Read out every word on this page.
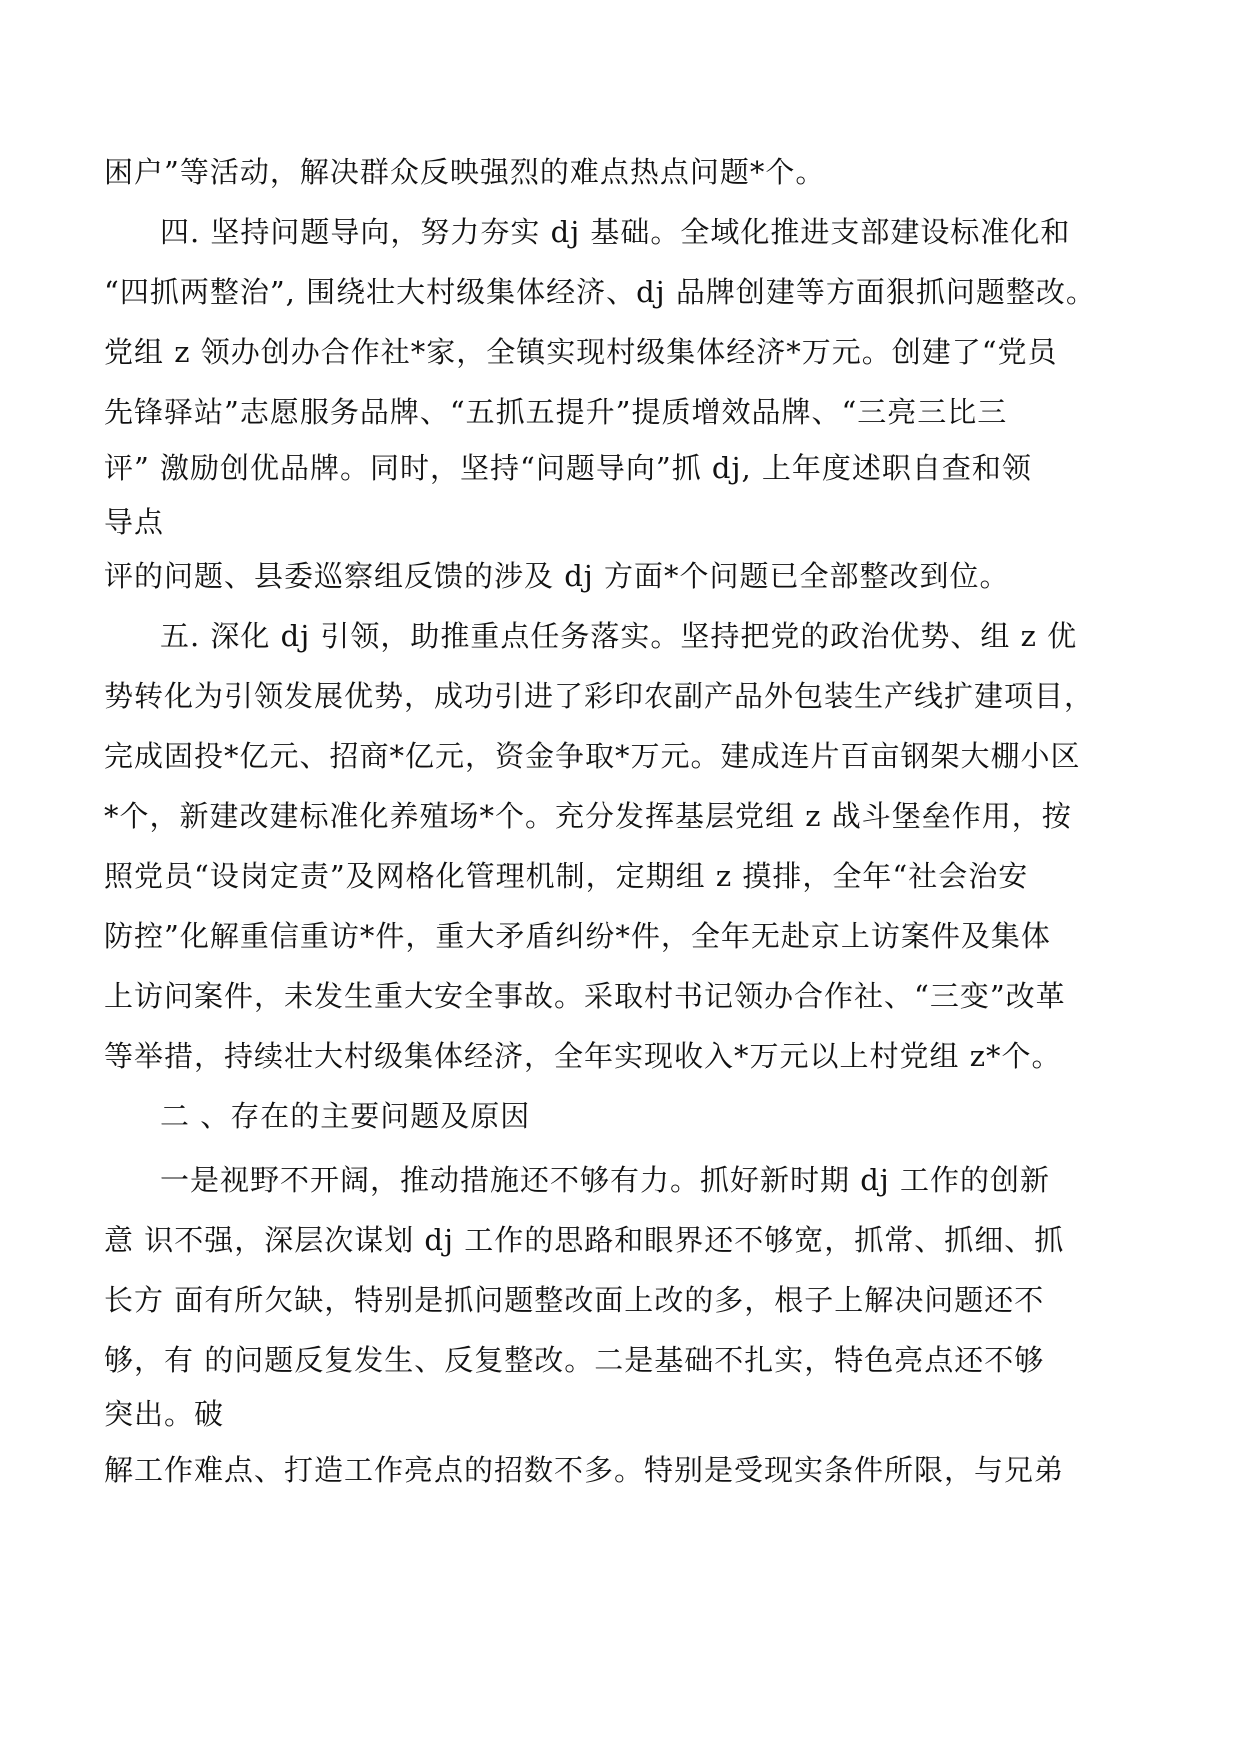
困户”等活动，解决群众反映强烈的难点热点问题*个。
四. 坚持问题导向，努力夯实 dj 基础。全域化推进支部建设标准化和
“四抓两整治”, 围绕壮大村级集体经济、dj 品牌创建等方面狠抓问题整改。
党组 z 领办创办合作社*家，全镇实现村级集体经济*万元。创建了“党员
先锋驿站”志愿服务品牌、“五抓五提升”提质增效品牌、“三亮三比三
评” 激励创优品牌。同时，坚持“问题导向”抓 dj, 上年度述职自查和领
导点
评的问题、县委巡察组反馈的涉及 dj 方面*个问题已全部整改到位。
五. 深化 dj 引领，助推重点任务落实。坚持把党的政治优势、组 z 优
势转化为引领发展优势，成功引进了彩印农副产品外包装生产线扩建项目，
完成固投*亿元、招商*亿元，资金争取*万元。建成连片百亩钢架大棚小区
*个，新建改建标准化养殖场*个。充分发挥基层党组 z 战斗堡垒作用，按
照党员“设岗定责”及网格化管理机制，定期组 z 摸排，全年“社会治安
防控”化解重信重访*件，重大矛盾纠纷*件，全年无赴京上访案件及集体
上访问案件，未发生重大安全事故。采取村书记领办合作社、“三变”改革
等举措，持续壮大村级集体经济，全年实现收入*万元以上村党组 z*个。
二 、存在的主要问题及原因
一是视野不开阔，推动措施还不够有力。抓好新时期 dj 工作的创新
意 识不强，深层次谋划 dj 工作的思路和眼界还不够宽，抓常、抓细、抓
长方 面有所欠缺，特别是抓问题整改面上改的多，根子上解决问题还不
够，有 的问题反复发生、反复整改。二是基础不扎实，特色亮点还不够
突出。破
解工作难点、打造工作亮点的招数不多。特别是受现实条件所限，与兄弟
